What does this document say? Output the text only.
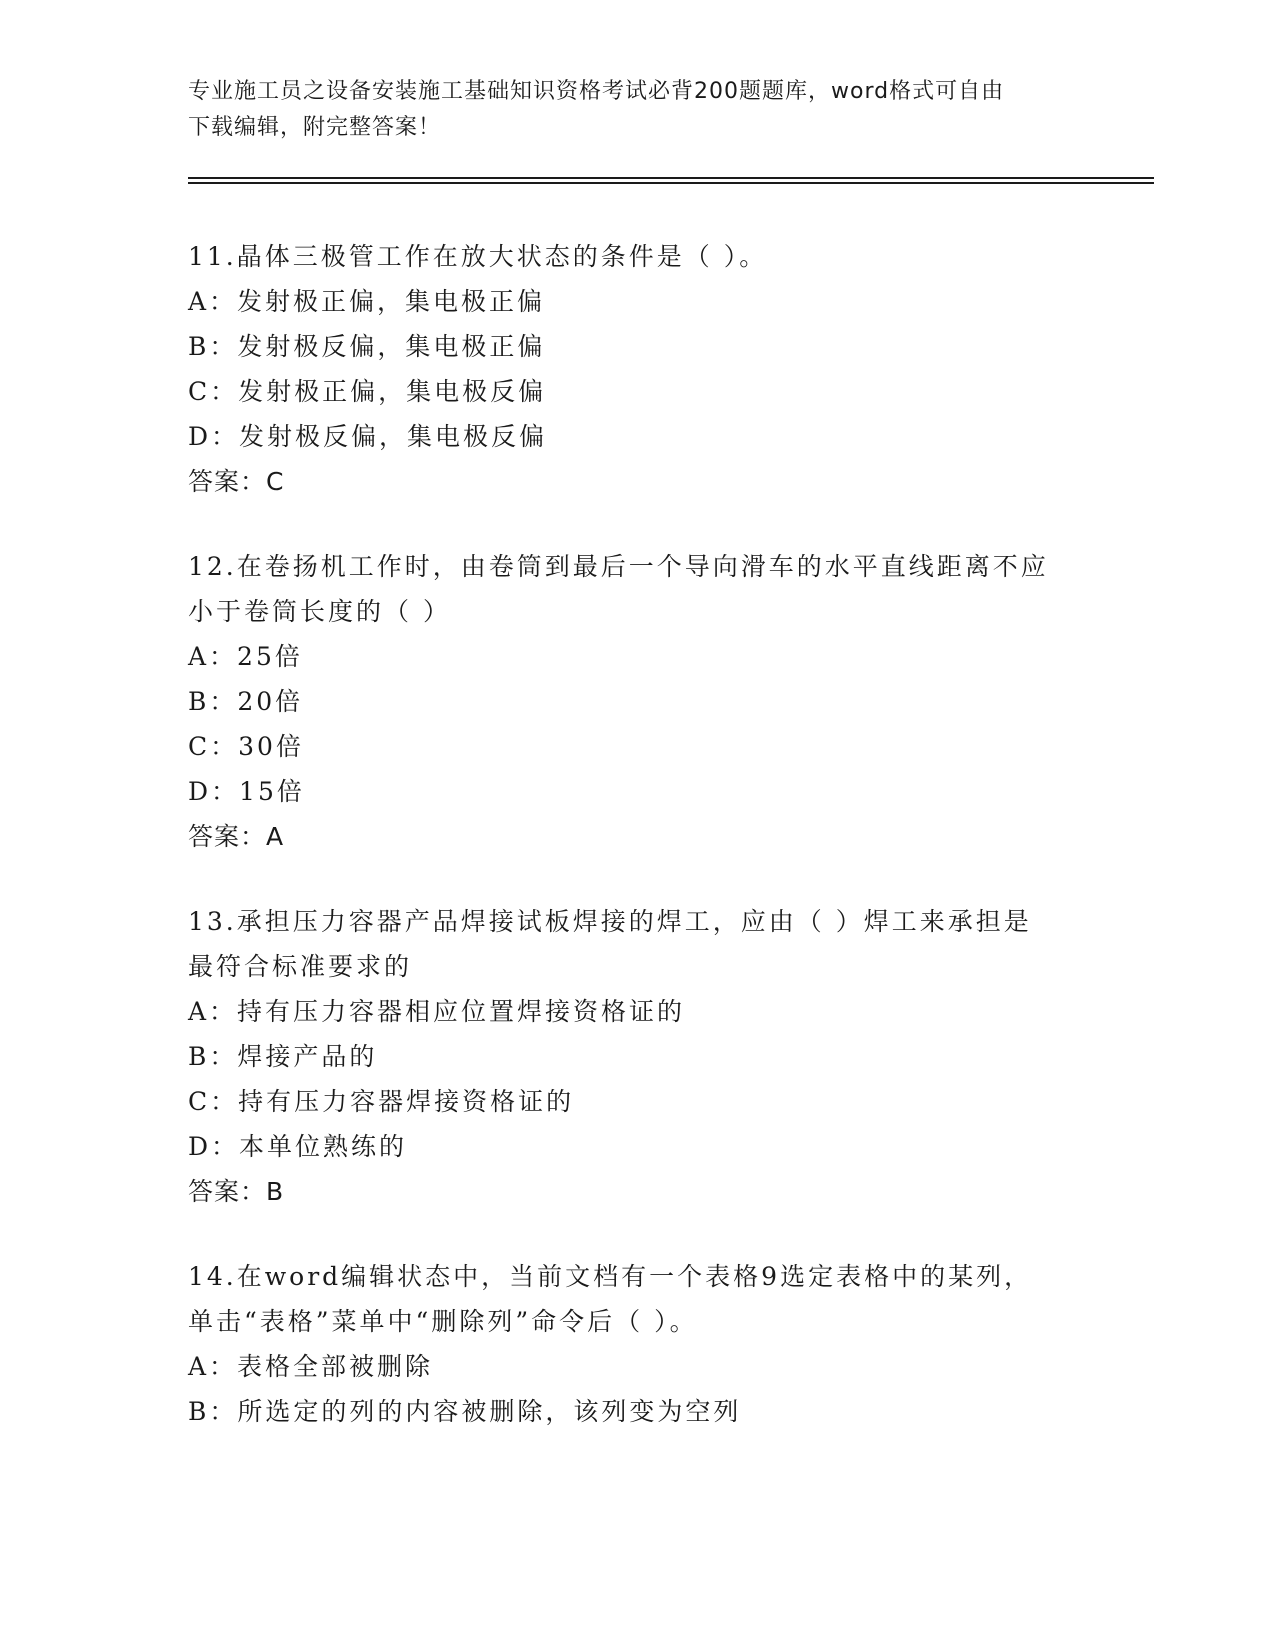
专业施工员之设备安装施工基础知识资格考试必背200题题库，word格式可自由
下载编辑，附完整答案！

11.晶体三极管工作在放大状态的条件是（ ）。

A：发射极正偏，集电极正偏

B：发射极反偏，集电极正偏

C：发射极正偏，集电极反偏

D：发射极反偏，集电极反偏

答案：C

12.在卷扬机工作时，由卷筒到最后一个导向滑车的水平直线距离不应

小于卷筒长度的（ ）

A：25倍

B：20倍

C：30倍

D：15倍

答案：A

13.承担压力容器产品焊接试板焊接的焊工，应由（ ）焊工来承担是

最符合标准要求的

A：持有压力容器相应位置焊接资格证的

B：焊接产品的

C：持有压力容器焊接资格证的

D：本单位熟练的

答案：B

14.在word编辑状态中，当前文档有一个表格9选定表格中的某列，

单击“表格”菜单中“删除列”命令后（ ）。

A：表格全部被删除

B：所选定的列的内容被删除，该列变为空列
